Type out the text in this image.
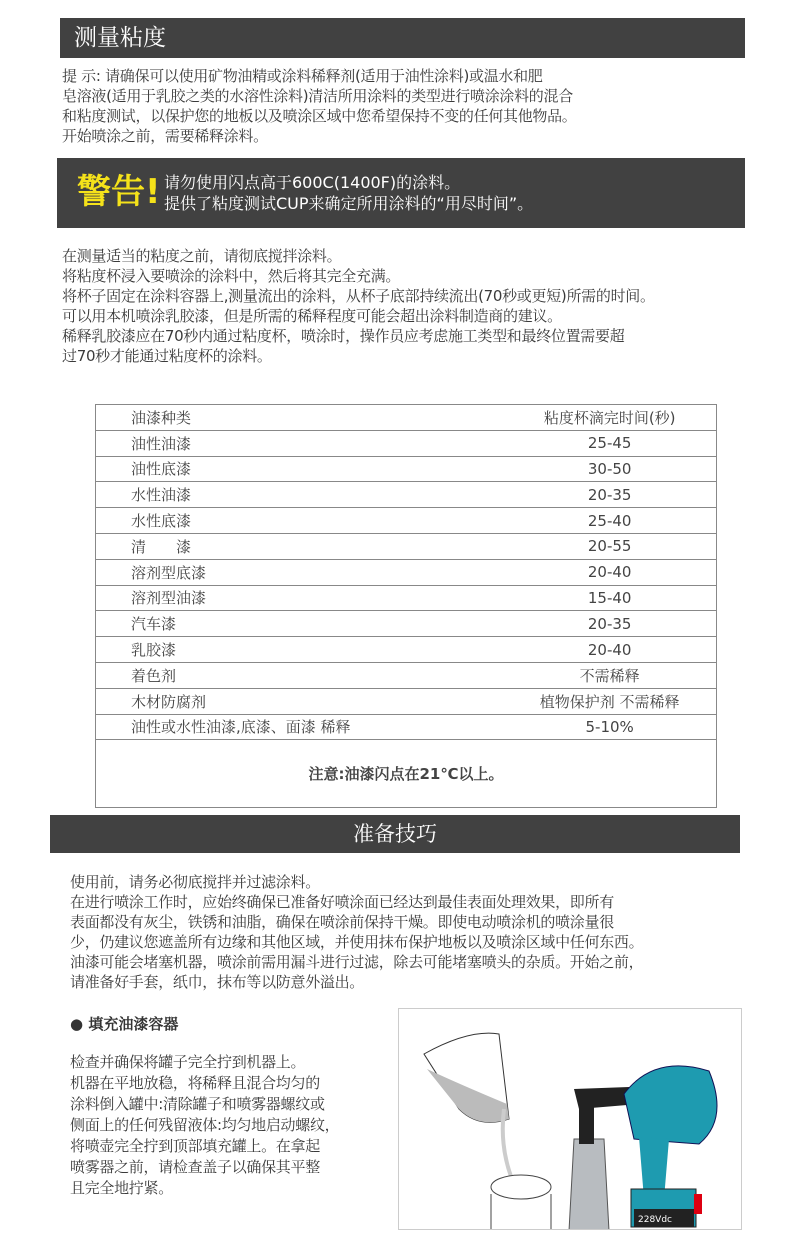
测量粘度
提 示: 请确保可以使用矿物油精或涂料稀释剂(适用于油性涂料)或温水和肥
皂溶液(适用于乳胶之类的水溶性涂料)清洁所用涂料的类型进行喷涂涂料的混合
和粘度测试，以保护您的地板以及喷涂区域中您希望保持不变的任何其他物品。
开始喷涂之前，需要稀释涂料。
警告! 请勿使用闪点高于600C(1400F)的涂料。
提供了粘度测试CUP来确定所用涂料的“用尽时间”。
在测量适当的粘度之前，请彻底搅拌涂料。
将粘度杯浸入要喷涂的涂料中，然后将其完全充满。
将杯子固定在涂料容器上,测量流出的涂料，从杯子底部持续流出(70秒或更短)所需的时间。
可以用本机喷涂乳胶漆，但是所需的稀释程度可能会超出涂料制造商的建议。
稀释乳胶漆应在70秒内通过粘度杯，喷涂时，操作员应考虑施工类型和最终位置需要超
过70秒才能通过粘度杯的涂料。
油漆种类	粘度杯滴完时间(秒)
油性油漆	25-45
油性底漆	30-50
水性油漆	20-35
水性底漆	25-40
清　　漆	20-55
溶剂型底漆	20-40
溶剂型油漆	15-40
汽车漆	20-35
乳胶漆	20-40
着色剂	不需稀释
木材防腐剂	植物保护剂 不需稀释
油性或水性油漆,底漆、面漆 稀释	5-10%
注意:油漆闪点在21℃以上。	
准备技巧
使用前，请务必彻底搅拌并过滤涂料。
在进行喷涂工作时，应始终确保已准备好喷涂面已经达到最佳表面处理效果，即所有
表面都没有灰尘，铁锈和油脂，确保在喷涂前保持干燥。即使电动喷涂机的喷涂量很
少，仍建议您遮盖所有边缘和其他区域，并使用抹布保护地板以及喷涂区域中任何东西。
油漆可能会堵塞机器，喷涂前需用漏斗进行过滤，除去可能堵塞喷头的杂质。开始之前，
请准备好手套，纸巾，抹布等以防意外溢出。
● 填充油漆容器
检查并确保将罐子完全拧到机器上。
机器在平地放稳，将稀释且混合均匀的
涂料倒入罐中:清除罐子和喷雾器螺纹或
侧面上的任何残留液体:均匀地启动螺纹，
将喷壶完全拧到顶部填充罐上。在拿起
喷雾器之前，请检查盖子以确保其平整
且完全地拧紧。
228Vdc
